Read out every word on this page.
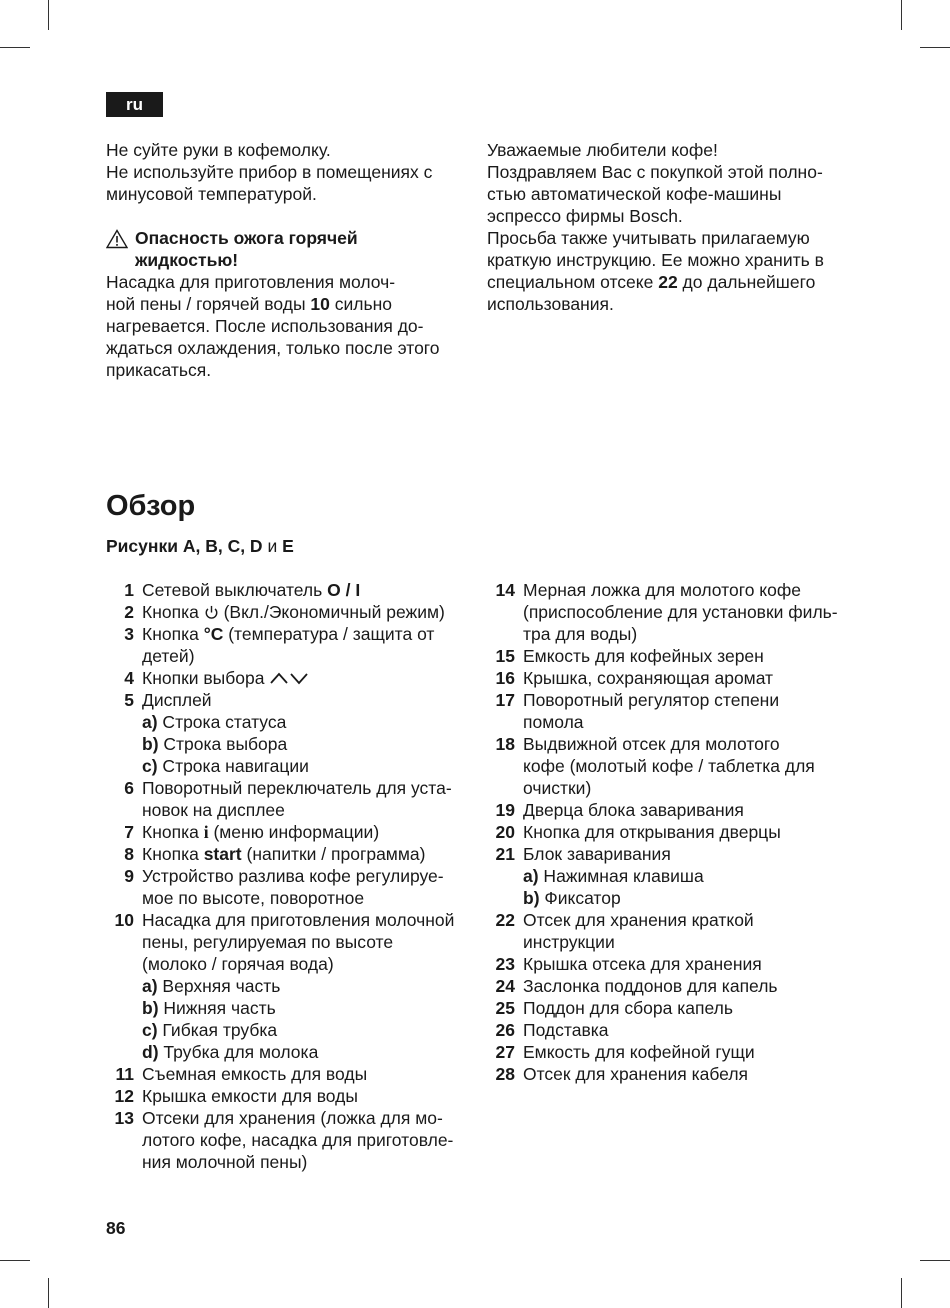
ru

Не суйте руки в кофемолку.

Не используйте прибор в помещениях с

минусовой температурой.

Опасность ожога горячей

жидкостью!

Насадка для приготовления молоч-

ной пены / горячей воды 10 сильно

нагревается. После использования до-

ждаться охлаждения, только после этого

прикасаться.

Уважаемые любители кофе!

Поздравляем Вас с покупкой этой полно-

стью автоматической кофе-машины

эспрессо фирмы Bosch.

Просьба также учитывать прилагаемую

краткую инструкцию. Ее можно хранить в

специальном отсеке 22 до дальнейшего

использования.

Обзор
Рисунки A, B, C, D и E
1 Сетевой выключатель O / I
2 Кнопка  (Вкл./Экономичный режим)
3 Кнопка °C (температура / защита от
детей)
4 Кнопки выбора
5 Дисплей
a) Строка статуса
b) Строка выбора
c) Строка навигации
6 Поворотный переключатель для уста-
новок на дисплее
7 Кнопка i (меню информации)
8 Кнопка start (напитки / программа)
9 Устройство разлива кофе регулируе-
мое по высоте, поворотное
10 Насадка для приготовления молочной
пены, регулируемая по высоте
(молоко / горячая вода)
a) Верхняя часть
b) Нижняя часть
c) Гибкая трубка
d) Трубка для молока
11 Съемная емкость для воды
12 Крышка емкости для воды
13 Отсеки для хранения (ложка для мо-
лотого кофе, насадка для приготовле-
ния молочной пены)
14 Мерная ложка для молотого кофе
(приспособление для установки филь-
тра для воды)
15 Емкость для кофейных зерен
16 Крышка, сохраняющая аромат
17 Поворотный регулятор степени
помола
18 Выдвижной отсек для молотого
кофе (молотый кофе / таблетка для
очистки)
19 Дверца блока заваривания
20 Кнопка для открывания дверцы
21 Блок заваривания
a) Нажимная клавиша
b) Фиксатор
22 Отсек для хранения краткой
инструкции
23 Крышка отсека для хранения
24 Заслонка поддонов для капель
25 Поддон для сбора капель
26 Подставка
27 Емкость для кофейной гущи
28 Отсек для хранения кабеля
86
